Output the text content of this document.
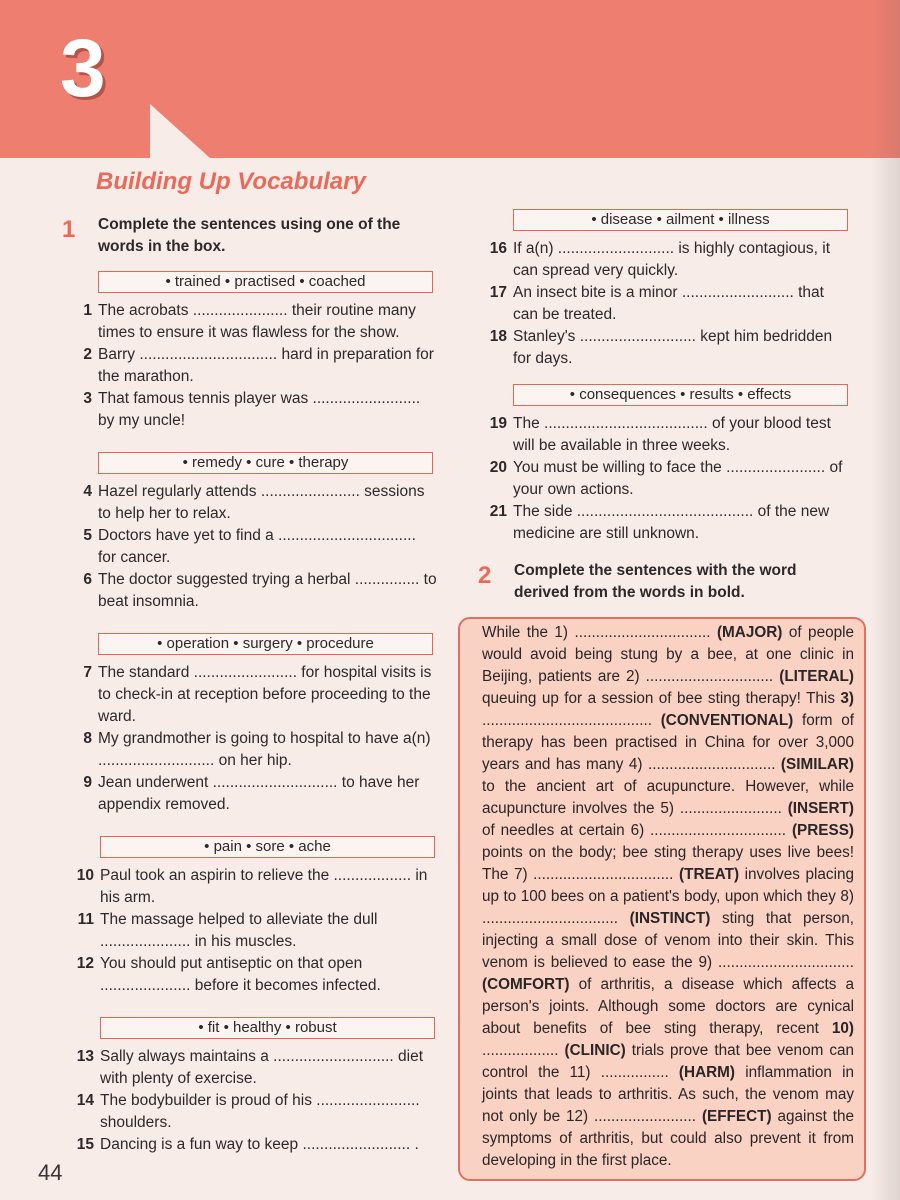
3
Building Up Vocabulary
1 Complete the sentences using one of the words in the box.
• trained • practised • coached
1 The acrobats ...................... their routine many times to ensure it was flawless for the show.
2 Barry ................................ hard in preparation for the marathon.
3 That famous tennis player was ......................... by my uncle!
• remedy • cure • therapy
4 Hazel regularly attends ....................... sessions to help her to relax.
5 Doctors have yet to find a ................................ for cancer.
6 The doctor suggested trying a herbal ............... to beat insomnia.
• operation • surgery • procedure
7 The standard ........................ for hospital visits is to check-in at reception before proceeding to the ward.
8 My grandmother is going to hospital to have a(n) ........................... on her hip.
9 Jean underwent ............................. to have her appendix removed.
• pain • sore • ache
10 Paul took an aspirin to relieve the .................. in his arm.
11 The massage helped to alleviate the dull ..................... in his muscles.
12 You should put antiseptic on that open ..................... before it becomes infected.
• fit • healthy • robust
13 Sally always maintains a ............................ diet with plenty of exercise.
14 The bodybuilder is proud of his ........................ shoulders.
15 Dancing is a fun way to keep ......................... .
• disease • ailment • illness
16 If a(n) ........................... is highly contagious, it can spread very quickly.
17 An insect bite is a minor .......................... that can be treated.
18 Stanley's ........................... kept him bedridden for days.
• consequences • results • effects
19 The ...................................... of your blood test will be available in three weeks.
20 You must be willing to face the ....................... of your own actions.
21 The side ......................................... of the new medicine are still unknown.
2 Complete the sentences with the word derived from the words in bold.
While the 1) ................................ (MAJOR) of people would avoid being stung by a bee, at one clinic in Beijing, patients are 2) .............................. (LITERAL) queuing up for a session of bee sting therapy! This 3) ........................................ (CONVENTIONAL) form of therapy has been practised in China for over 3,000 years and has many 4) .............................. (SIMILAR) to the ancient art of acupuncture. However, while acupuncture involves the 5) ........................ (INSERT) of needles at certain 6) ................................ (PRESS) points on the body; bee sting therapy uses live bees! The 7) ................................. (TREAT) involves placing up to 100 bees on a patient's body, upon which they 8) ................................ (INSTINCT) sting that person, injecting a small dose of venom into their skin. This venom is believed to ease the 9) ................................ (COMFORT) of arthritis, a disease which affects a person's joints. Although some doctors are cynical about benefits of bee sting therapy, recent 10) .................. (CLINIC) trials prove that bee venom can control the 11) ................ (HARM) inflammation in joints that leads to arthritis. As such, the venom may not only be 12) ........................ (EFFECT) against the symptoms of arthritis, but could also prevent it from developing in the first place.
44
